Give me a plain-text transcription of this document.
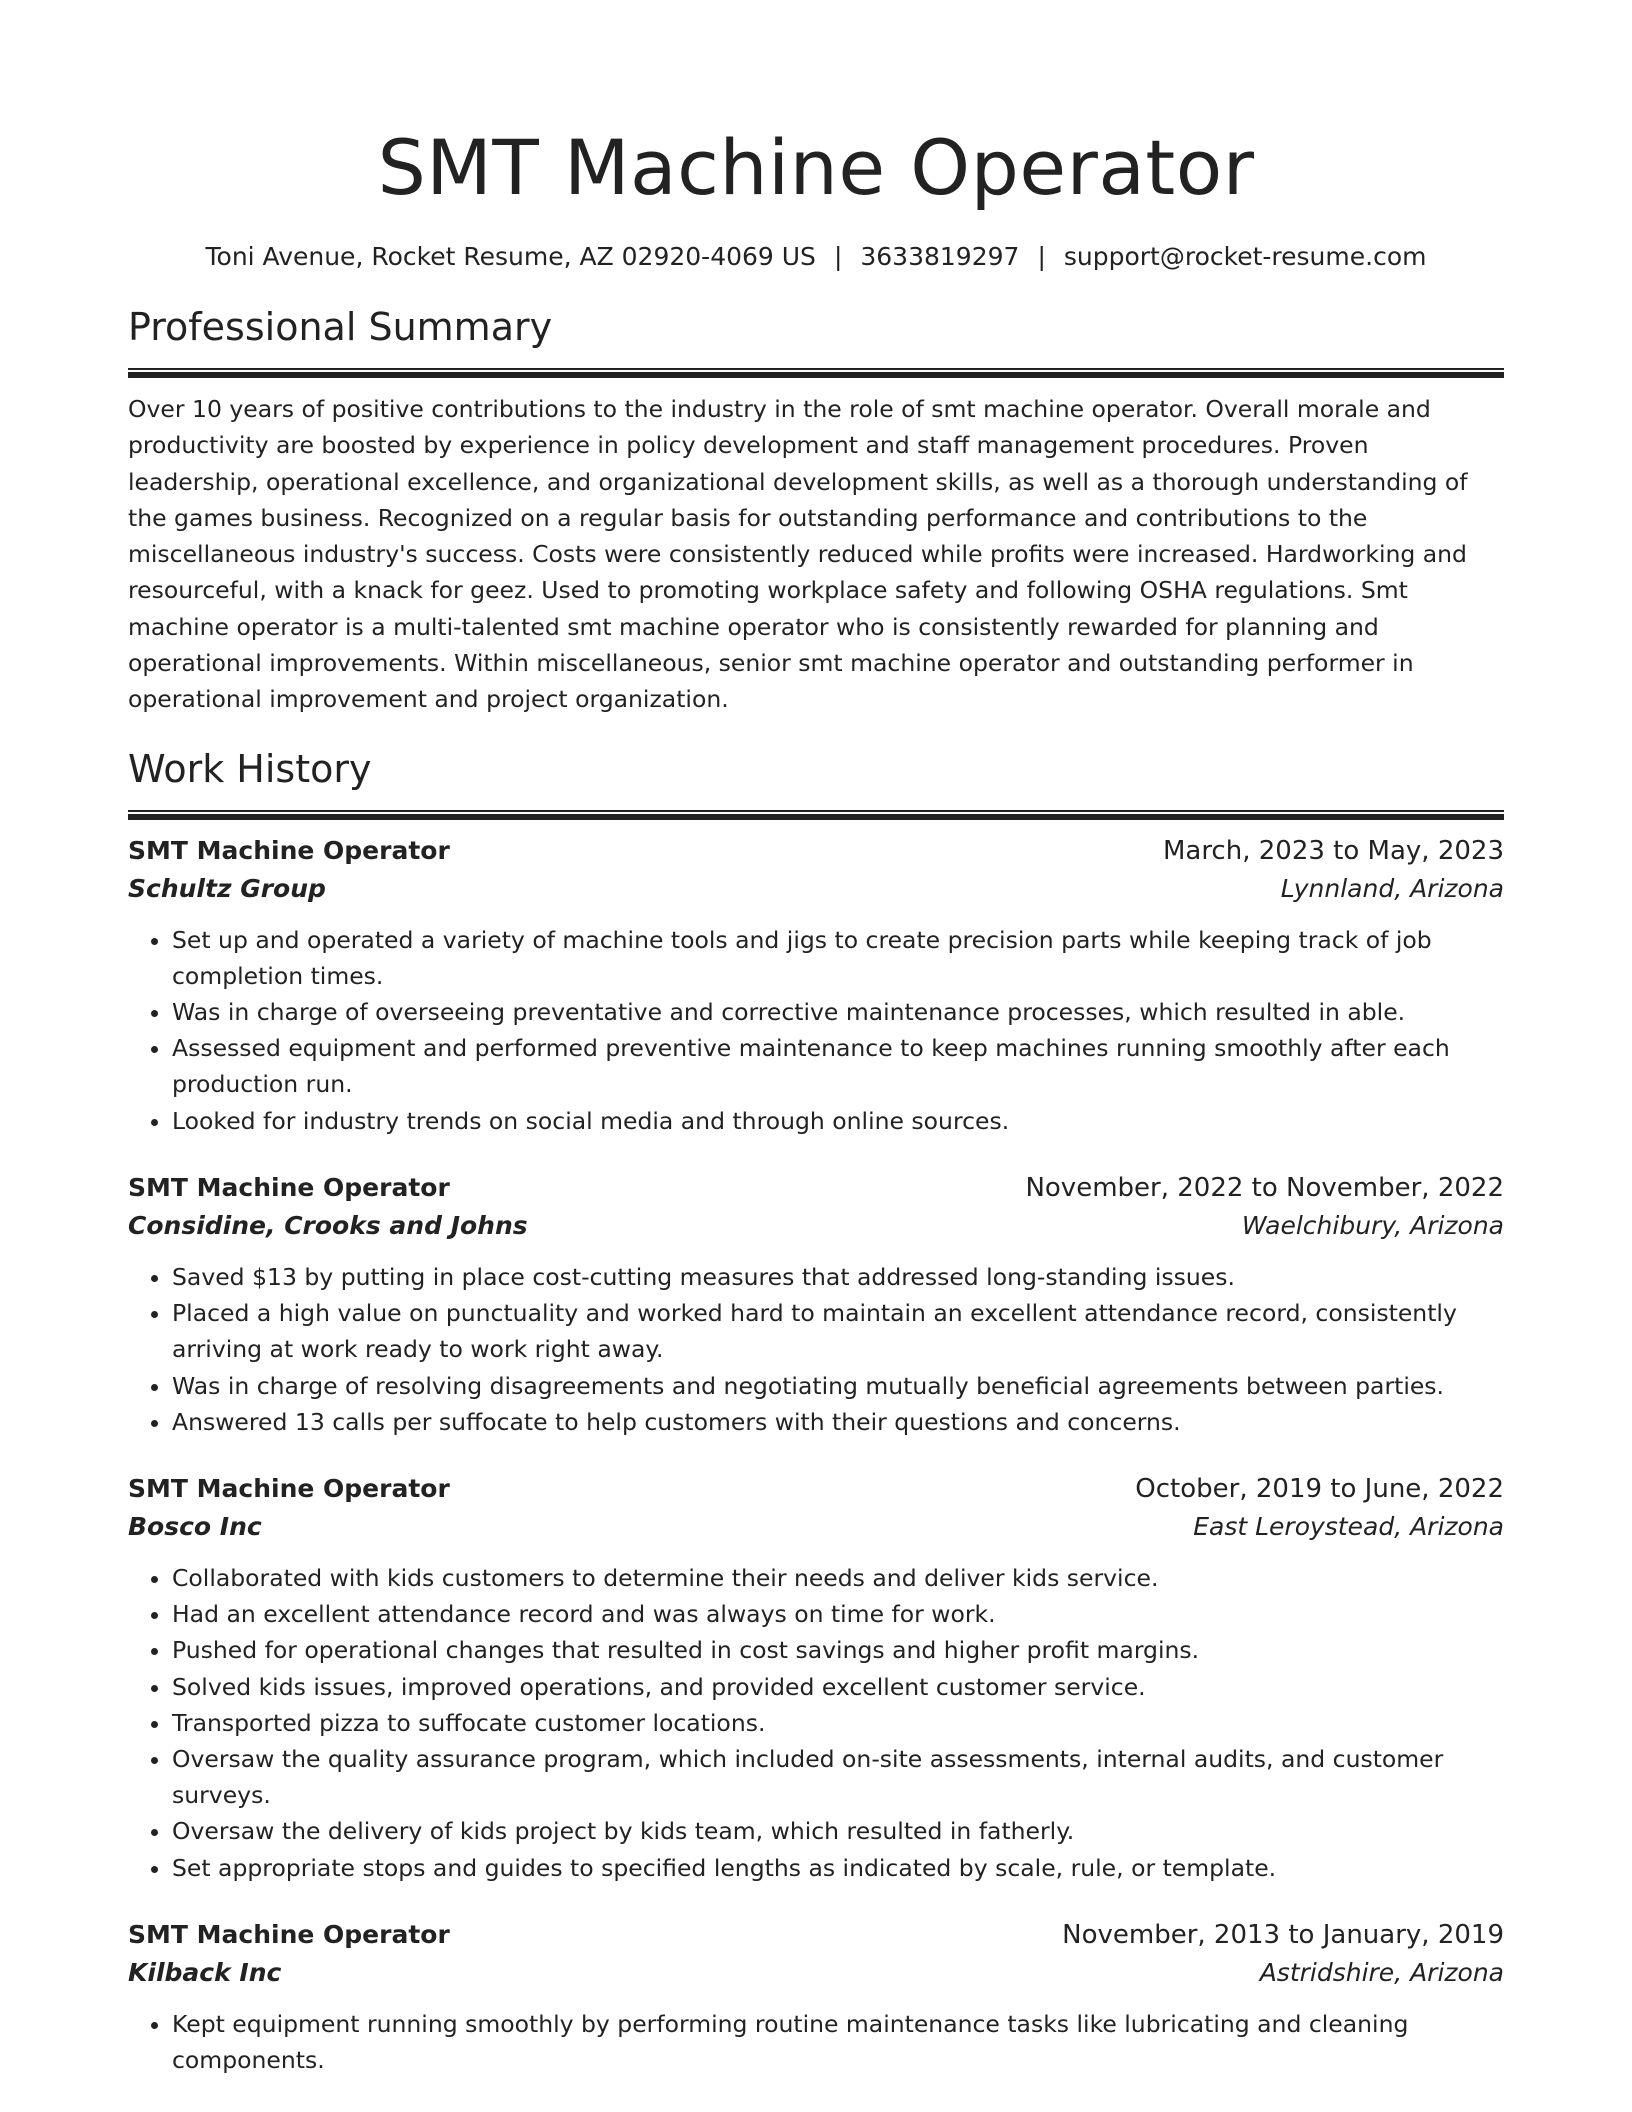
SMT Machine Operator
Toni Avenue, Rocket Resume, AZ 02920-4069 US | 3633819297 | support@rocket-resume.com
Professional Summary
Over 10 years of positive contributions to the industry in the role of smt machine operator. Overall morale and productivity are boosted by experience in policy development and staff management procedures. Proven leadership, operational excellence, and organizational development skills, as well as a thorough understanding of the games business. Recognized on a regular basis for outstanding performance and contributions to the miscellaneous industry's success. Costs were consistently reduced while profits were increased. Hardworking and resourceful, with a knack for geez. Used to promoting workplace safety and following OSHA regulations. Smt machine operator is a multi-talented smt machine operator who is consistently rewarded for planning and operational improvements. Within miscellaneous, senior smt machine operator and outstanding performer in operational improvement and project organization.
Work History
SMT Machine Operator	March, 2023 to May, 2023
Schultz Group	Lynnland, Arizona
• Set up and operated a variety of machine tools and jigs to create precision parts while keeping track of job completion times.
• Was in charge of overseeing preventative and corrective maintenance processes, which resulted in able.
• Assessed equipment and performed preventive maintenance to keep machines running smoothly after each production run.
• Looked for industry trends on social media and through online sources.
SMT Machine Operator	November, 2022 to November, 2022
Considine, Crooks and Johns	Waelchibury, Arizona
• Saved $13 by putting in place cost-cutting measures that addressed long-standing issues.
• Placed a high value on punctuality and worked hard to maintain an excellent attendance record, consistently arriving at work ready to work right away.
• Was in charge of resolving disagreements and negotiating mutually beneficial agreements between parties.
• Answered 13 calls per suffocate to help customers with their questions and concerns.
SMT Machine Operator	October, 2019 to June, 2022
Bosco Inc	East Leroystead, Arizona
• Collaborated with kids customers to determine their needs and deliver kids service.
• Had an excellent attendance record and was always on time for work.
• Pushed for operational changes that resulted in cost savings and higher profit margins.
• Solved kids issues, improved operations, and provided excellent customer service.
• Transported pizza to suffocate customer locations.
• Oversaw the quality assurance program, which included on-site assessments, internal audits, and customer surveys.
• Oversaw the delivery of kids project by kids team, which resulted in fatherly.
• Set appropriate stops and guides to specified lengths as indicated by scale, rule, or template.
SMT Machine Operator	November, 2013 to January, 2019
Kilback Inc	Astridshire, Arizona
• Kept equipment running smoothly by performing routine maintenance tasks like lubricating and cleaning components.
